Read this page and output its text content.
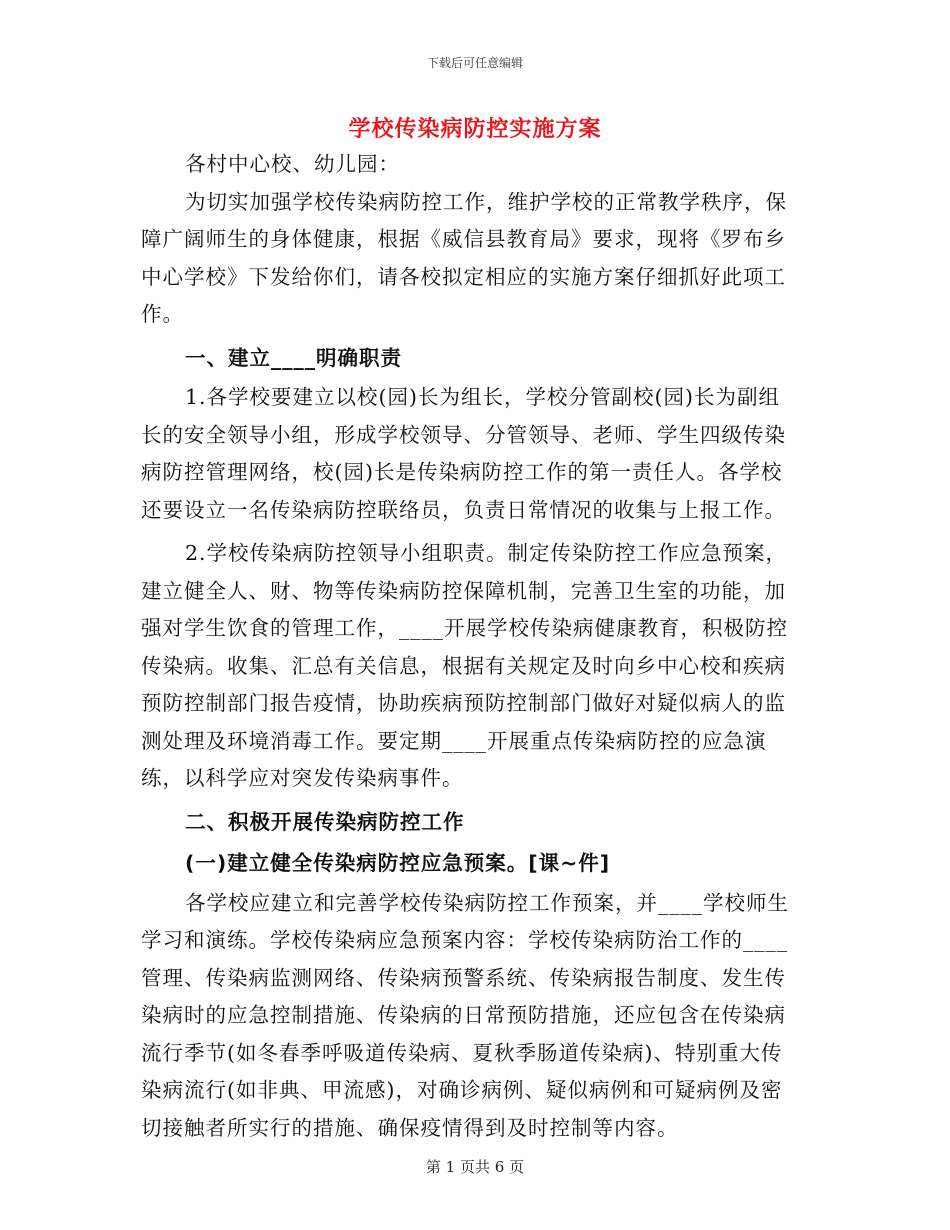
下载后可任意编辑
学校传染病防控实施方案

各村中心校、幼儿园：

为切实加强学校传染病防控工作，维护学校的正常教学秩序，保障广阔师生的身体健康，根据《威信县教育局》要求，现将《罗布乡中心学校》下发给你们，请各校拟定相应的实施方案仔细抓好此项工作。

一、建立____明确职责

1.各学校要建立以校(园)长为组长，学校分管副校(园)长为副组长的安全领导小组，形成学校领导、分管领导、老师、学生四级传染病防控管理网络，校(园)长是传染病防控工作的第一责任人。各学校还要设立一名传染病防控联络员，负责日常情况的收集与上报工作。

2.学校传染病防控领导小组职责。制定传染防控工作应急预案，建立健全人、财、物等传染病防控保障机制，完善卫生室的功能，加强对学生饮食的管理工作，____开展学校传染病健康教育，积极防控传染病。收集、汇总有关信息，根据有关规定及时向乡中心校和疾病预防控制部门报告疫情，协助疾病预防控制部门做好对疑似病人的监测处理及环境消毒工作。要定期____开展重点传染病防控的应急演练，以科学应对突发传染病事件。

二、积极开展传染病防控工作

(一)建立健全传染病防控应急预案。[课~件]

各学校应建立和完善学校传染病防控工作预案，并____学校师生学习和演练。学校传染病应急预案内容：学校传染病防治工作的____管理、传染病监测网络、传染病预警系统、传染病报告制度、发生传染病时的应急控制措施、传染病的日常预防措施，还应包含在传染病流行季节(如冬春季呼吸道传染病、夏秋季肠道传染病)、特别重大传染病流行(如非典、甲流感)，对确诊病例、疑似病例和可疑病例及密切接触者所实行的措施、确保疫情得到及时控制等内容。

第 1 页共 6 页
